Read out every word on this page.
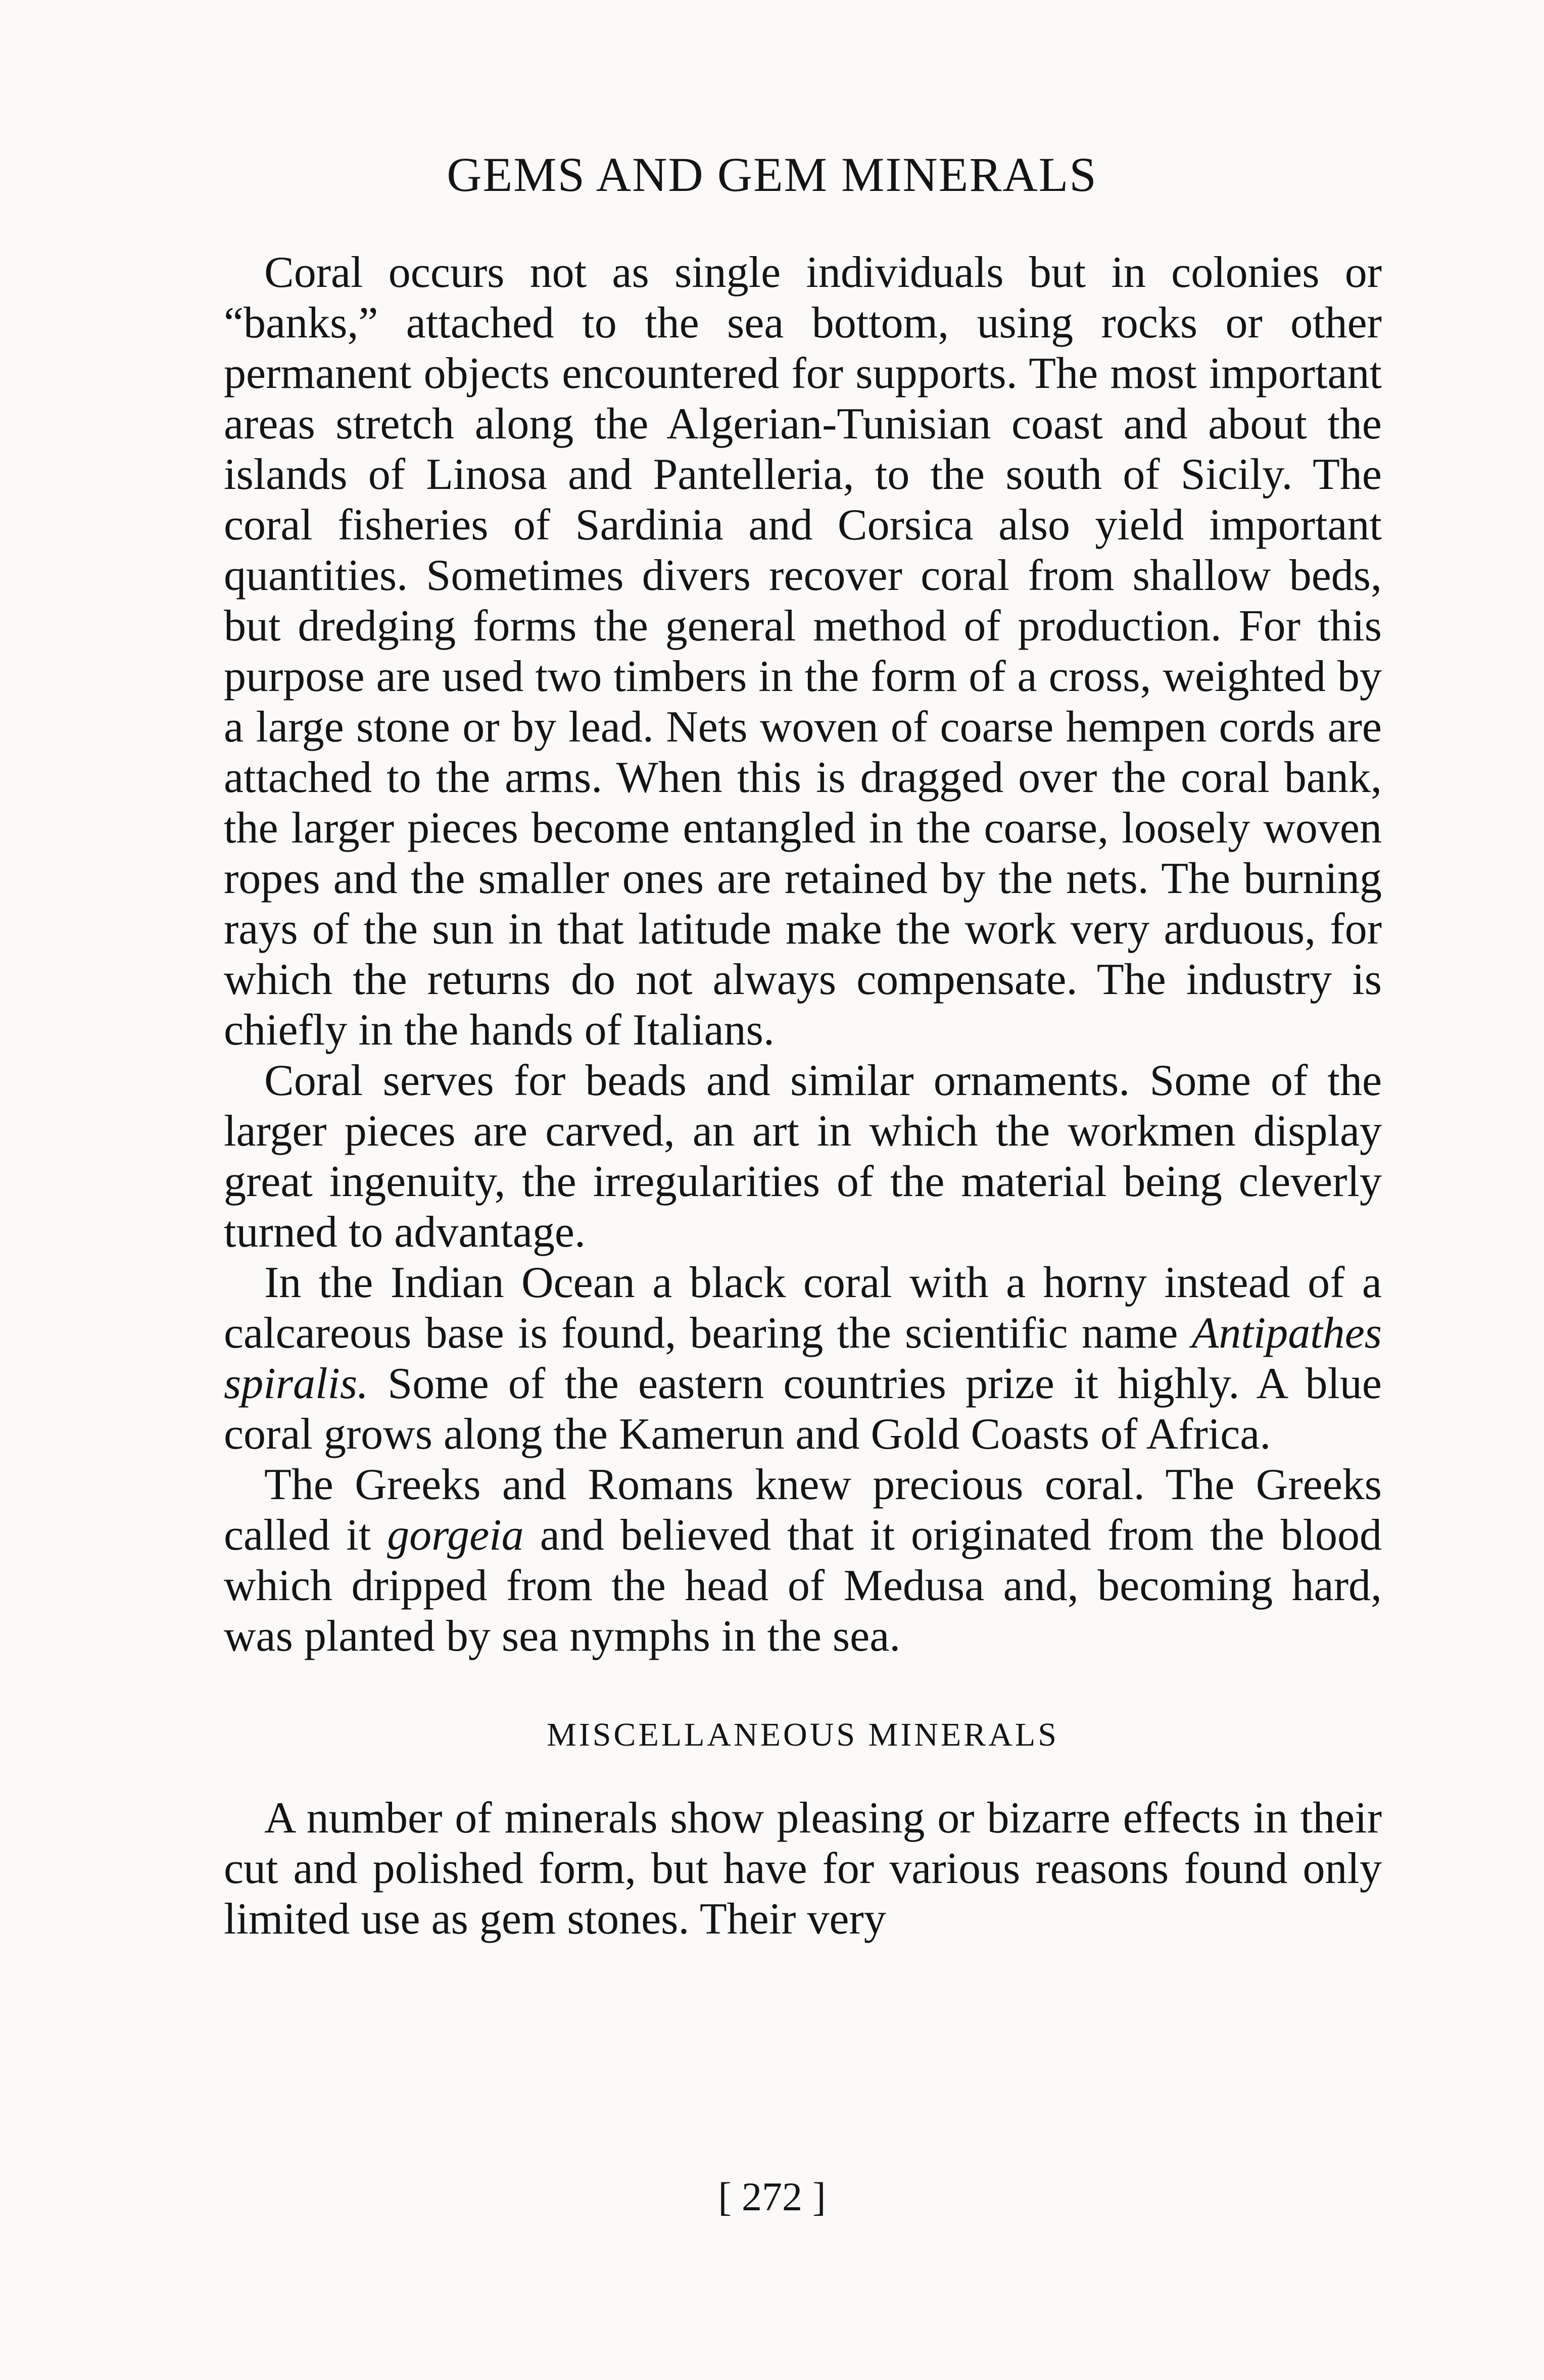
GEMS AND GEM MINERALS

Coral occurs not as single individuals but in colonies or “banks,” attached to the sea bottom, using rocks or other permanent objects encountered for supports. The most important areas stretch along the Algerian-Tunisian coast and about the islands of Linosa and Pantelleria, to the south of Sicily. The coral fisheries of Sardinia and Corsica also yield important quantities. Sometimes divers recover coral from shallow beds, but dredging forms the general method of production. For this purpose are used two timbers in the form of a cross, weighted by a large stone or by lead. Nets woven of coarse hempen cords are attached to the arms. When this is dragged over the coral bank, the larger pieces become entangled in the coarse, loosely woven ropes and the smaller ones are retained by the nets. The burning rays of the sun in that latitude make the work very arduous, for which the returns do not always compensate. The industry is chiefly in the hands of Italians.

Coral serves for beads and similar ornaments. Some of the larger pieces are carved, an art in which the workmen display great ingenuity, the irregularities of the material being cleverly turned to advantage.

In the Indian Ocean a black coral with a horny instead of a calcareous base is found, bearing the scientific name Antipathes spiralis. Some of the eastern countries prize it highly. A blue coral grows along the Kamerun and Gold Coasts of Africa.

The Greeks and Romans knew precious coral. The Greeks called it gorgeia and believed that it originated from the blood which dripped from the head of Medusa and, becoming hard, was planted by sea nymphs in the sea.

MISCELLANEOUS MINERALS

A number of minerals show pleasing or bizarre effects in their cut and polished form, but have for various reasons found only limited use as gem stones. Their very

[ 272 ]
